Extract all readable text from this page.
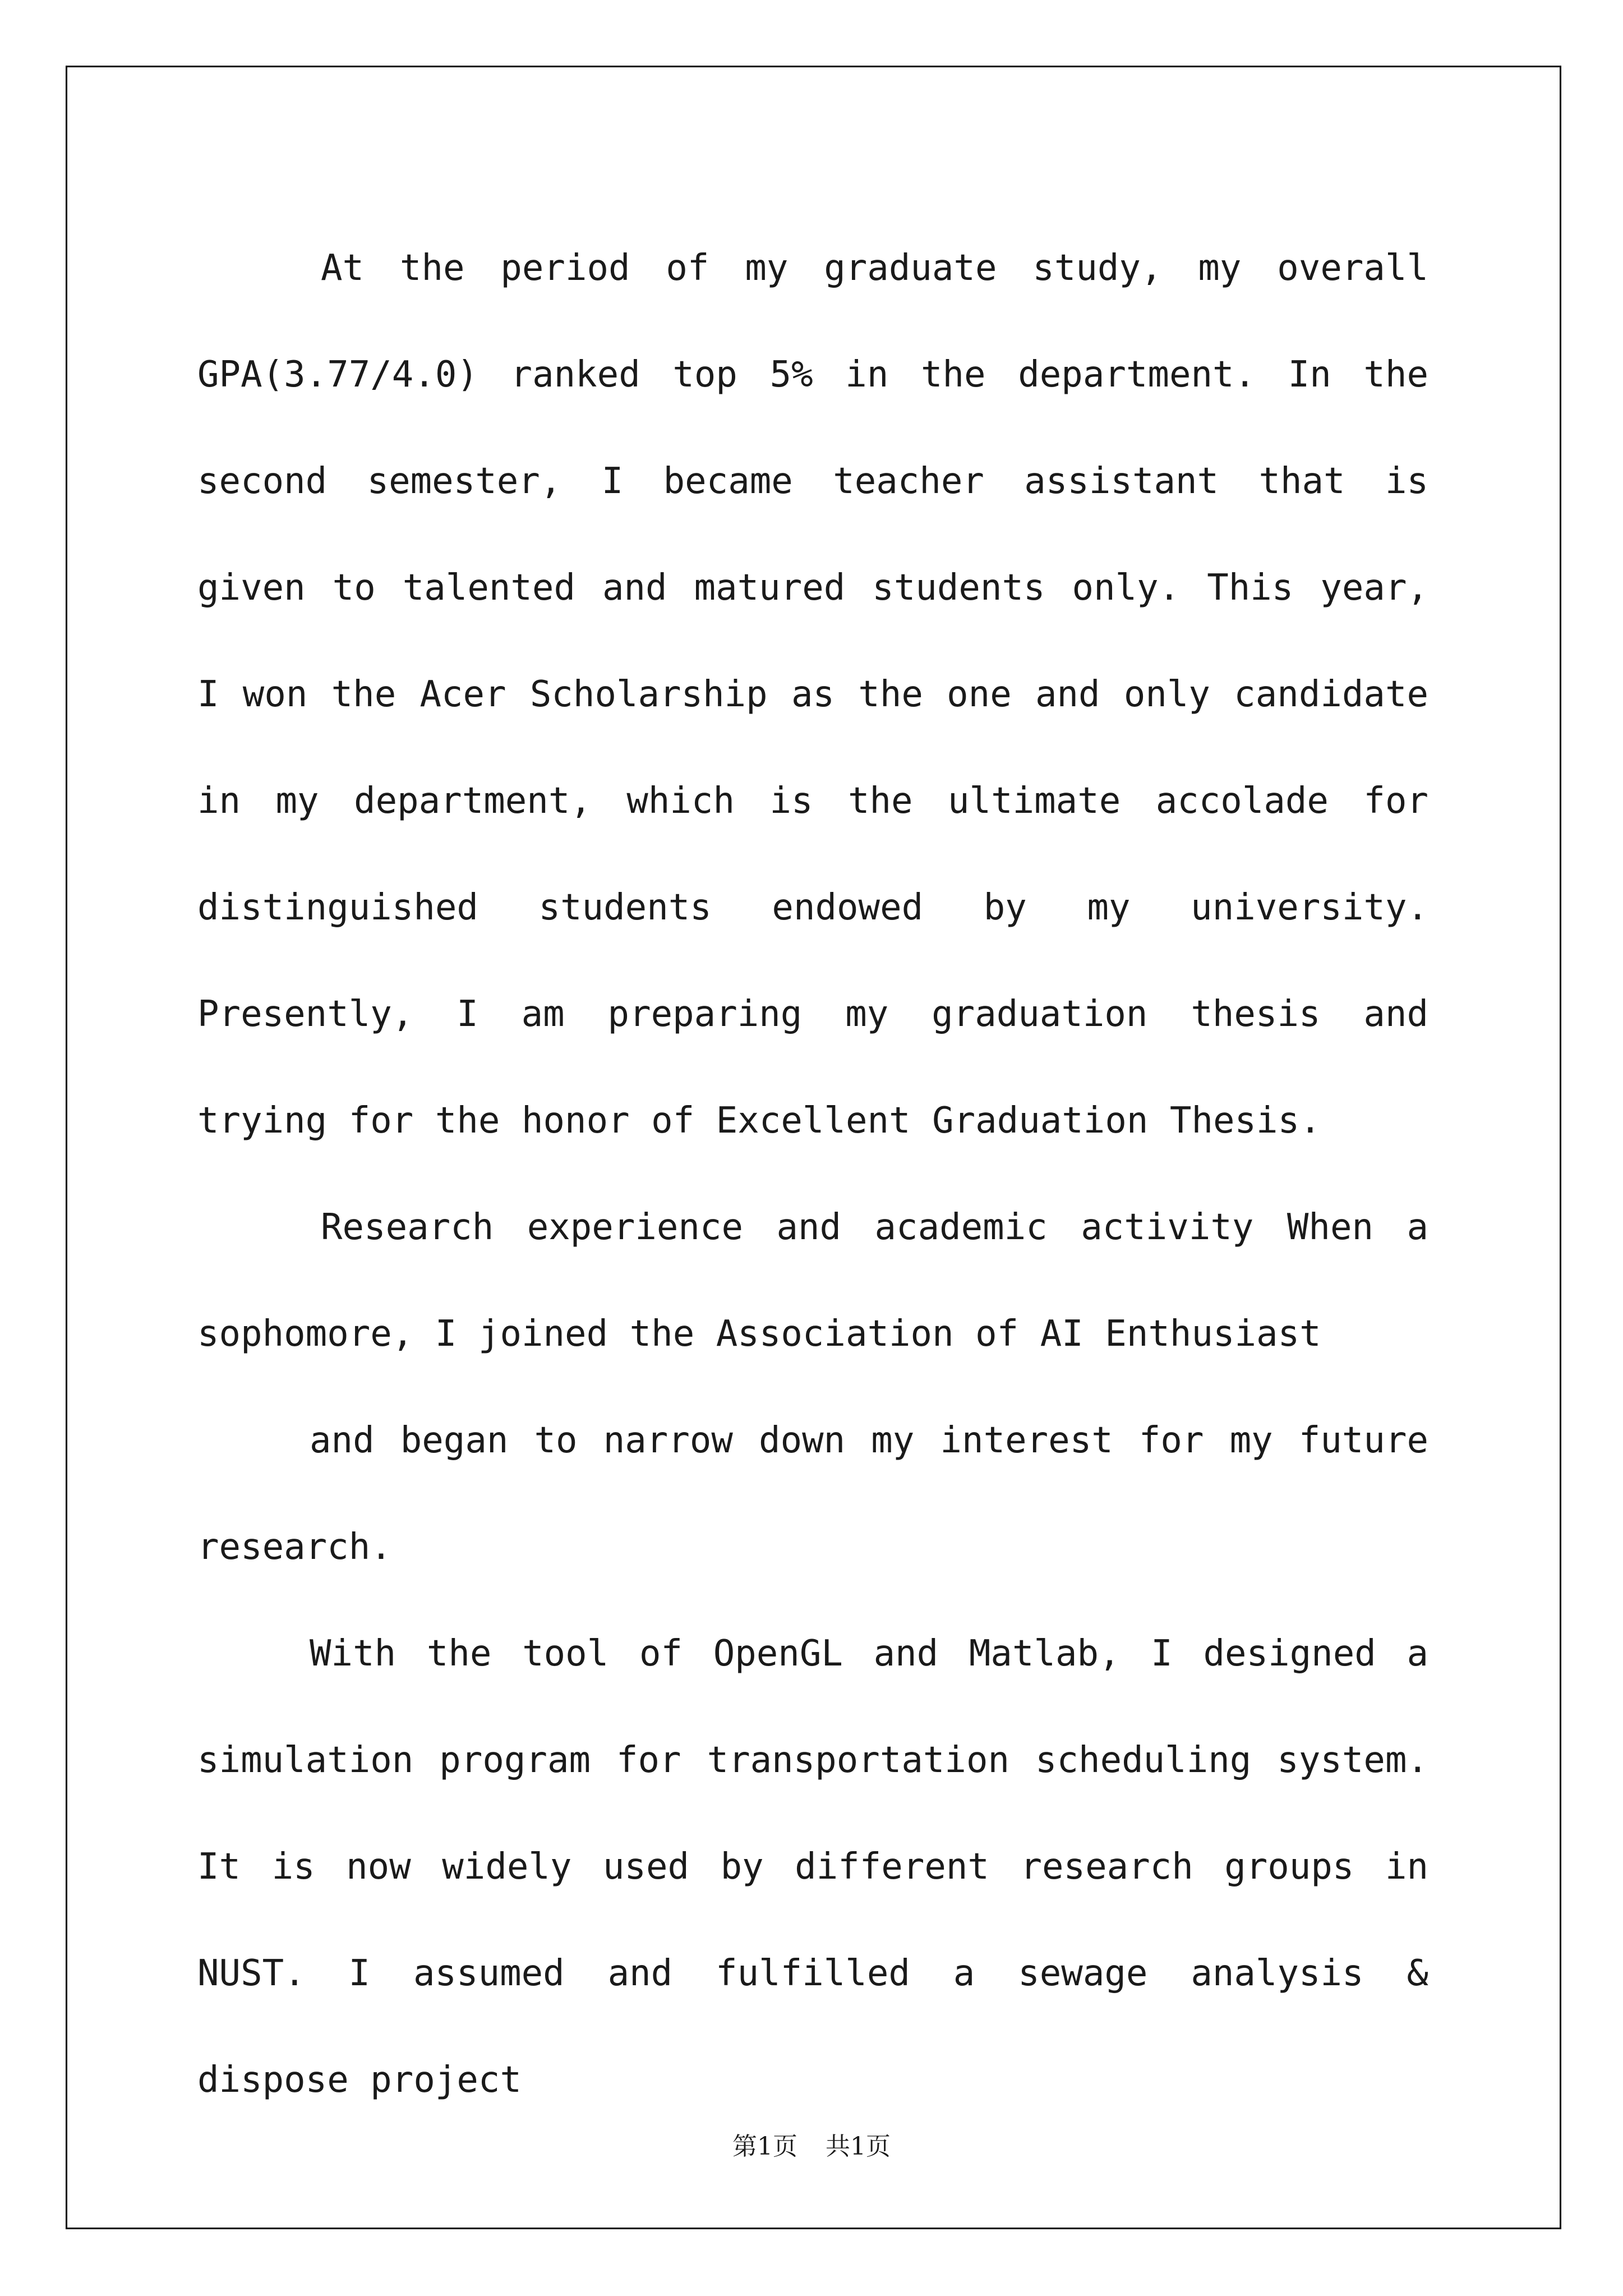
At the period of my graduate study, my overall GPA(3.77/4.0) ranked top 5% in the department. In the second semester, I became teacher assistant that is given to talented and matured students only. This year, I won the Acer Scholarship as the one and only candidate in my department, which is the ultimate accolade for distinguished students endowed by my university. Presently, I am preparing my graduation thesis and trying for the honor of Excellent Graduation Thesis.

Research experience and academic activity When a sophomore, I joined the Association of AI Enthusiast

and began to narrow down my interest for my future research.

With the tool of OpenGL and Matlab, I designed a simulation program for transportation scheduling system. It is now widely used by different research groups in NUST. I assumed and fulfilled a sewage analysis & dispose project

第1页 共1页
